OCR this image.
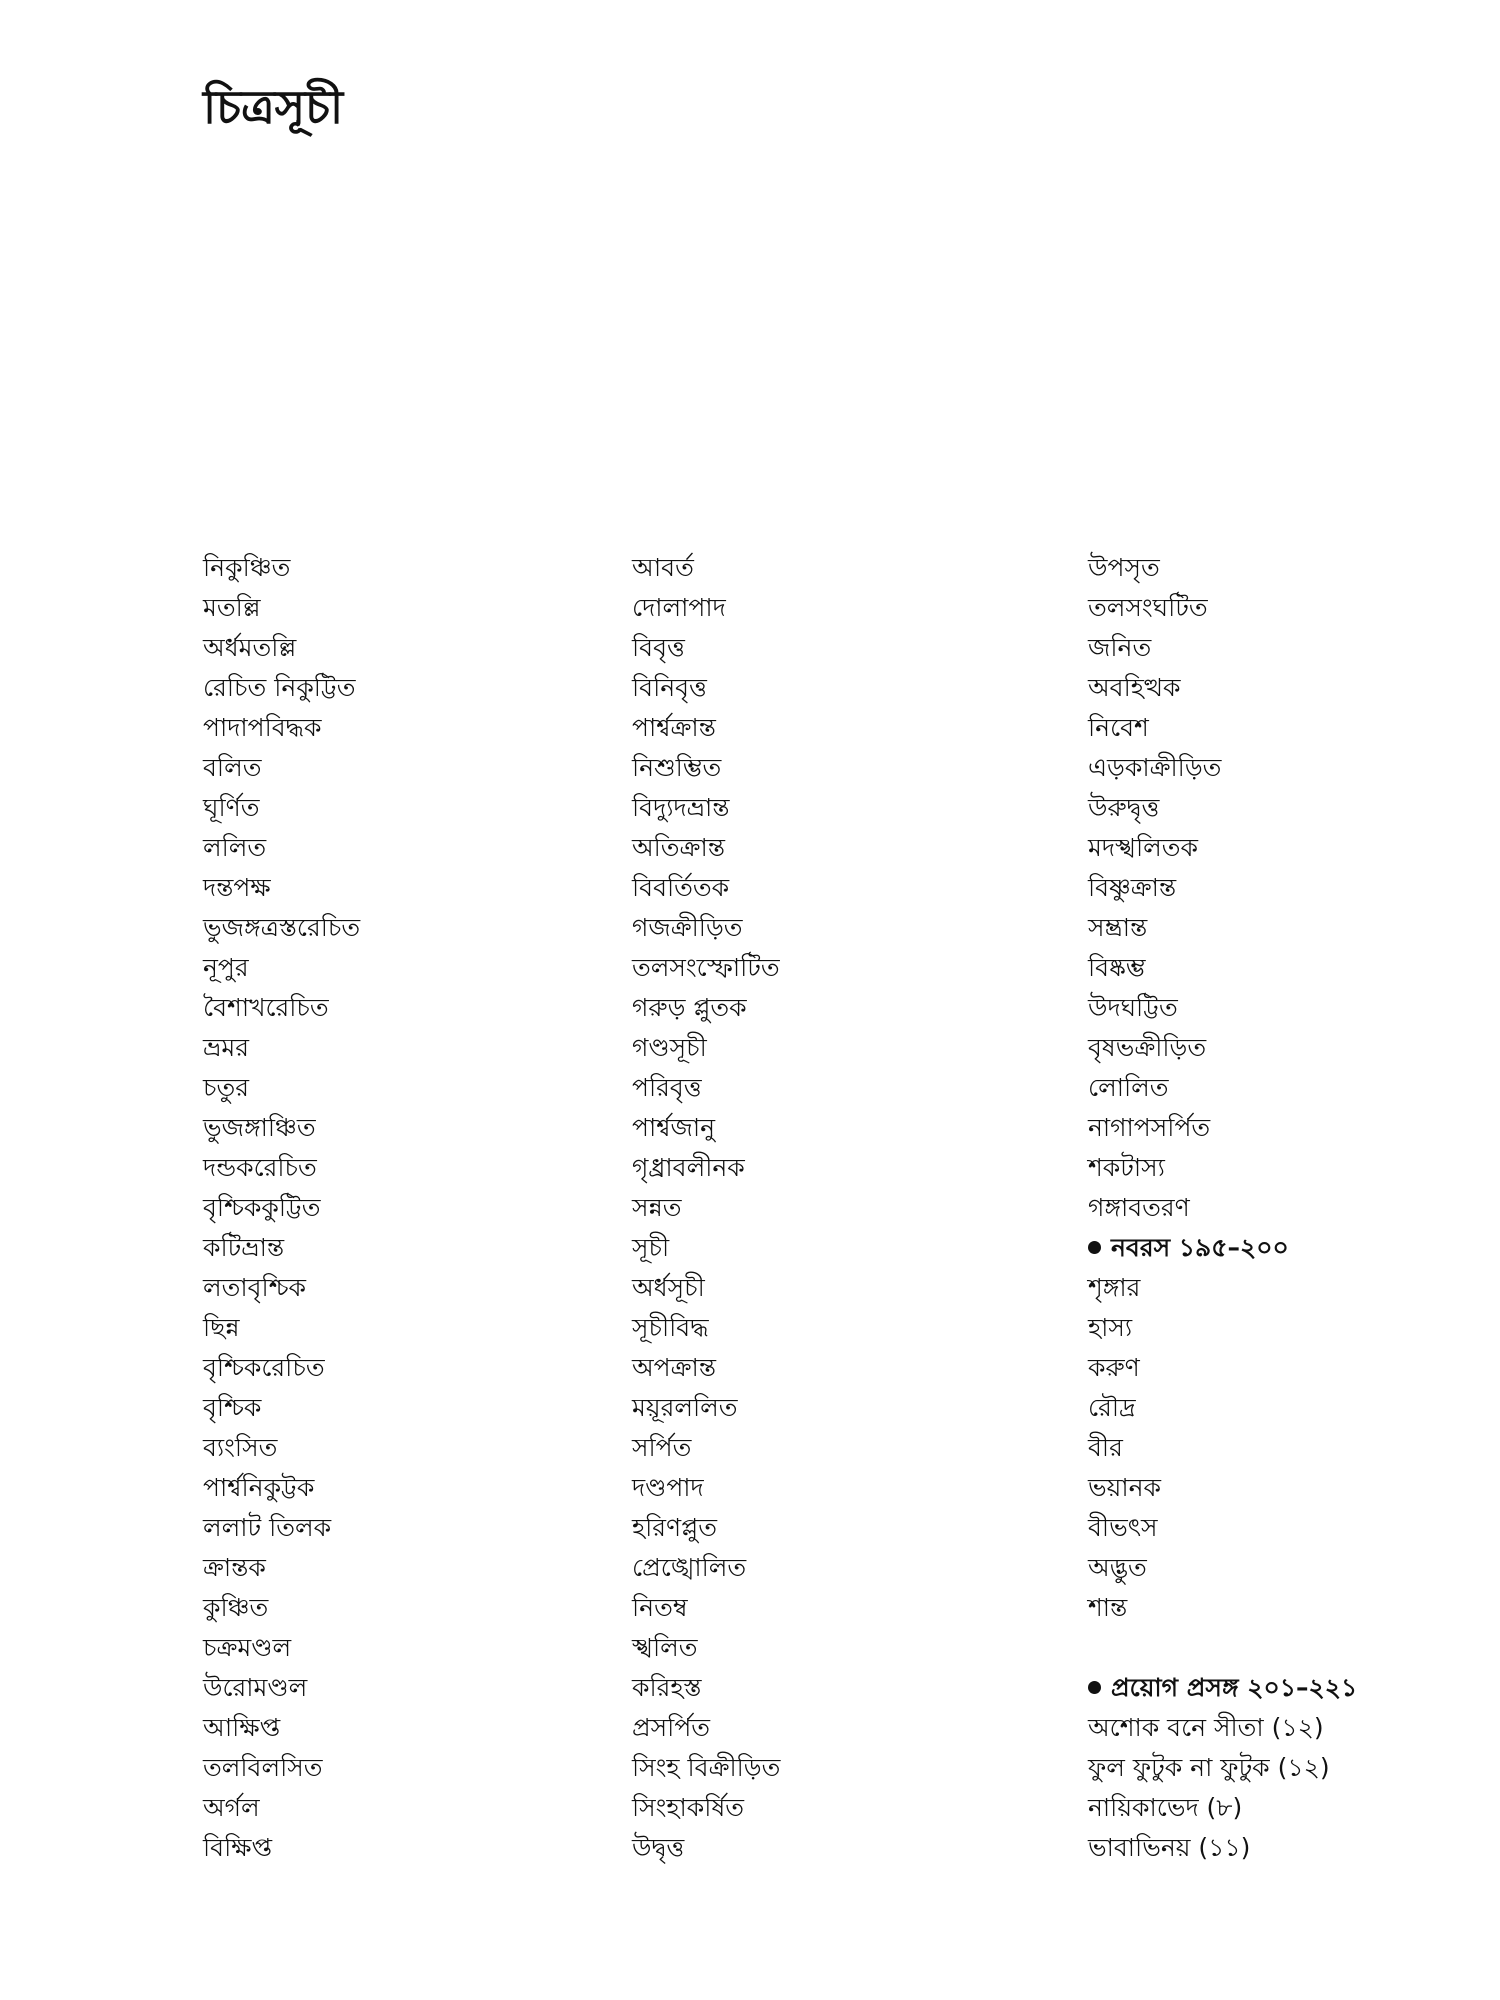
চিত্রসূচী
নিকুঞ্চিত
মতল্লি
অর্ধমতল্লি
রেচিত নিকুট্টিত
পাদাপবিদ্ধক
বলিত
ঘূর্ণিত
ললিত
দন্তপক্ষ
ভুজঙ্গত্রস্তরেচিত
নূপুর
বৈশাখরেচিত
ভ্রমর
চতুর
ভুজঙ্গাঞ্চিত
দন্ডকরেচিত
বৃশ্চিককুট্টিত
কটিভ্রান্ত
লতাবৃশ্চিক
ছিন্ন
বৃশ্চিকরেচিত
বৃশ্চিক
ব্যংসিত
পার্শ্বনিকুট্টক
ললাট তিলক
ক্রান্তক
কুঞ্চিত
চক্রমণ্ডল
উরোমণ্ডল
আক্ষিপ্ত
তলবিলসিত
অর্গল
বিক্ষিপ্ত
আবর্ত
দোলাপাদ
বিবৃত্ত
বিনিবৃত্ত
পার্শ্বক্রান্ত
নিশুম্ভিত
বিদ্যুদভ্রান্ত
অতিক্রান্ত
বিবর্তিতক
গজক্রীড়িত
তলসংস্ফোটিত
গরুড় প্লুতক
গণ্ডসূচী
পরিবৃত্ত
পার্শ্বজানু
গৃধ্রাবলীনক
সন্নত
সূচী
অর্ধসূচী
সূচীবিদ্ধ
অপক্রান্ত
ময়ূরললিত
সর্পিত
দণ্ডপাদ
হরিণপ্লুত
প্রেঙ্খোলিত
নিতম্ব
স্খলিত
করিহস্ত
প্রসর্পিত
সিংহ বিক্রীড়িত
সিংহাকর্ষিত
উদ্বৃত্ত
উপসৃত
তলসংঘটিত
জনিত
অবহিত্থক
নিবেশ
এড়কাক্রীড়িত
উরুদ্বৃত্ত
মদস্খলিতক
বিষ্ণুক্রান্ত
সম্ভ্রান্ত
বিষ্কম্ভ
উদঘট্টিত
বৃষভক্রীড়িত
লোলিত
নাগাপসর্পিত
শকটাস্য
গঙ্গাবতরণ
নবরস ১৯৫–২০০
শৃঙ্গার
হাস্য
করুণ
রৌদ্র
বীর
ভয়ানক
বীভৎস
অদ্ভুত
শান্ত
প্রয়োগ প্রসঙ্গ ২০১–২২১
অশোক বনে সীতা (১২)
ফুল ফুটুক না ফুটুক (১২)
নায়িকাভেদ (৮)
ভাবাভিনয় (১১)
